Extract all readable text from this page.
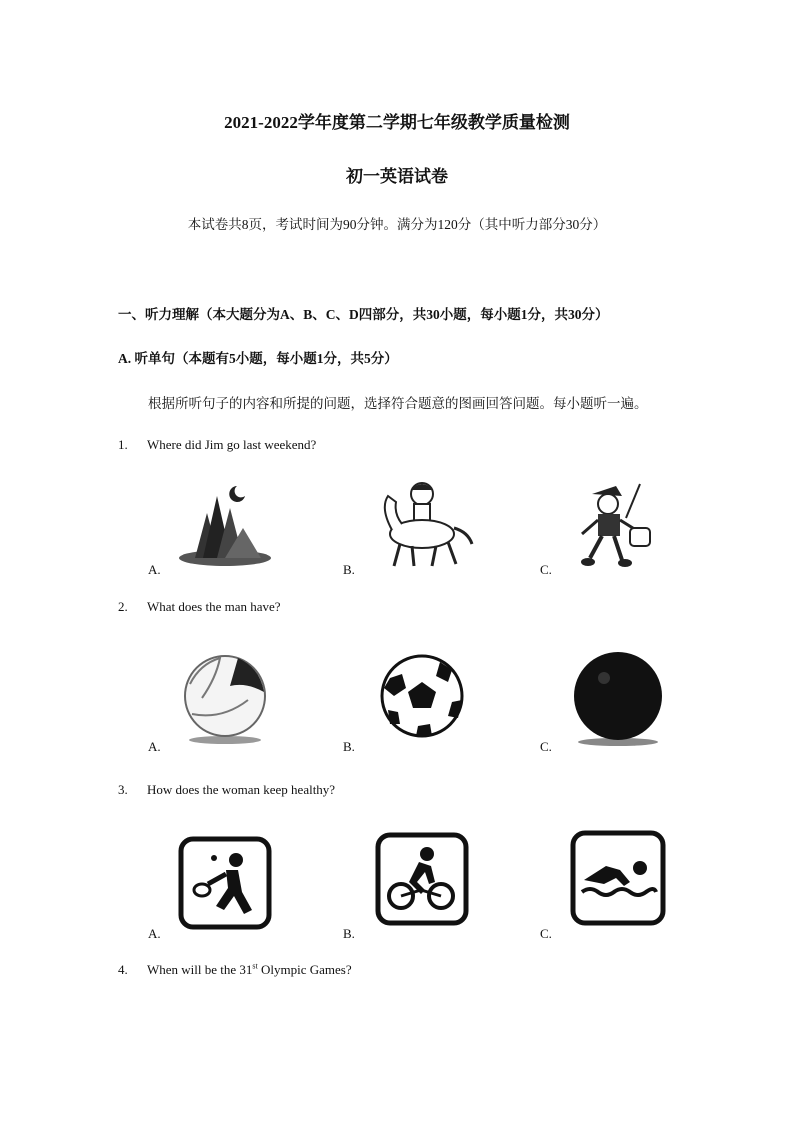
2021-2022学年度第二学期七年级教学质量检测
初一英语试卷
本试卷共8页，考试时间为90分钟。满分为120分（其中听力部分30分）
一、听力理解（本大题分为A、B、C、D四部分，共30小题，每小题1分，共30分）
A. 听单句（本题有5小题，每小题1分，共5分）
根据所听句子的内容和所提的问题，选择符合题意的图画回答问题。每小题听一遍。
1. Where did Jim go last weekend?
A.	B.	C.
2. What does the man have?
A.	B.	C.
3. How does the woman keep healthy?
A.	B.	C.
4. When will be the 31st Olympic Games?
